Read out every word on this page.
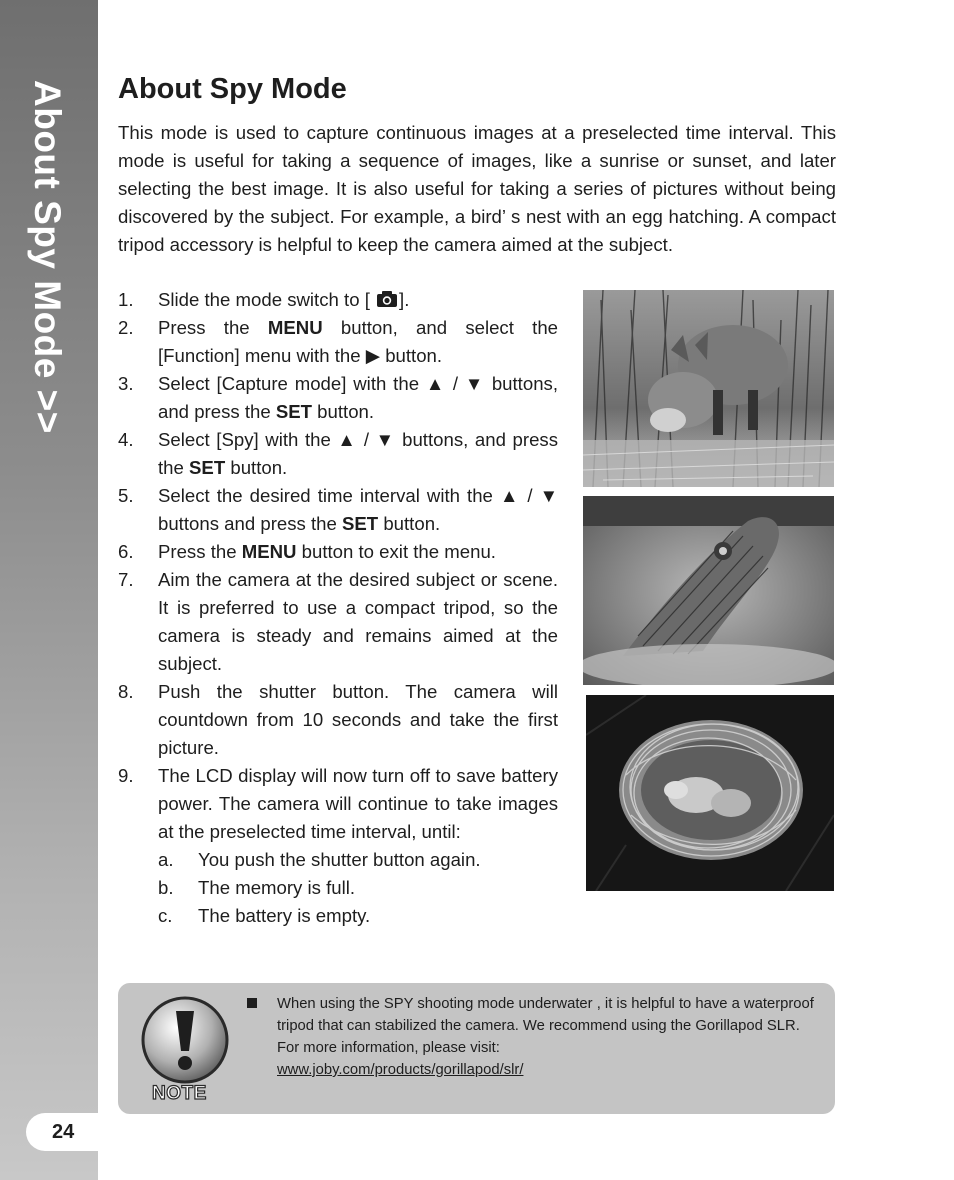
About Spy Mode >>
24
About Spy Mode

This mode is used to capture continuous images at a preselected time interval. This mode is useful for taking a sequence of images, like a sunrise or sunset, and later selecting the best image. It is also useful for taking a series of pictures without being discovered by the subject. For example, a bird’ s nest with an egg hatching. A compact tripod accessory is helpful to keep the camera aimed at the subject.

1. Slide the mode switch to [ ].
2. Press the MENU button, and select the [Function] menu with the ▶ button.
3. Select [Capture mode] with the ▲ / ▼ buttons, and press the SET button.
4. Select [Spy] with the ▲ / ▼ buttons, and press the SET button.
5. Select the desired time interval with the ▲ / ▼ buttons and press the SET button.
6. Press the MENU button to exit the menu.
7. Aim the camera at the desired subject or scene. It is preferred to use a compact tripod, so the camera is steady and remains aimed at the subject.
8. Push the shutter button. The camera will countdown from 10 seconds and take the first picture.
9. The LCD display will now turn off to save battery power. The camera will continue to take images at the preselected time interval, until:
a. You push the shutter button again.
b. The memory is full.
c. The battery is empty.
NOTE
When using the SPY shooting mode underwater , it is helpful to have a waterproof tripod that can stabilized the camera. We recommend using the Gorillapod SLR. For more information, please visit:
www.joby.com/products/gorillapod/slr/
